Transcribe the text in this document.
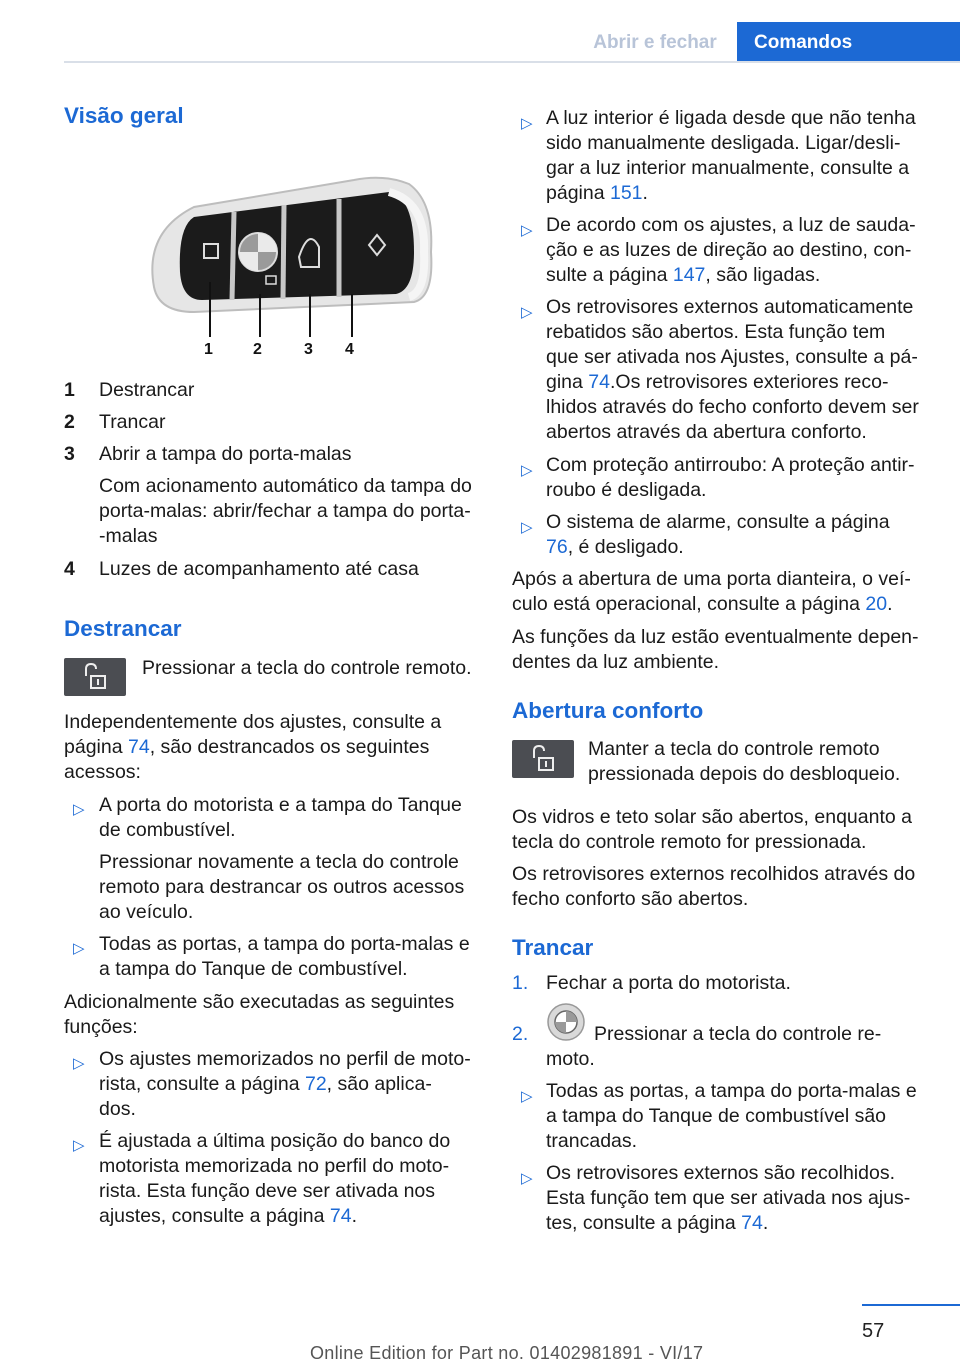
Abrir e fechar	Comandos
Visão geral
1	2	3 4
1 Destrancar
2 Trancar
3 Abrir a tampa do porta-malas
Com acionamento automático da tampa do
porta-malas: abrir/fechar a tampa do porta-
-malas
4 Luzes de acompanhamento até casa
Destrancar
Pressionar a tecla do controle remoto.
Independentemente dos ajustes, consulte a
página 74, são destrancados os seguintes
acessos:
▷ A porta do motorista e a tampa do Tanque
de combustível.
Pressionar novamente a tecla do controle
remoto para destrancar os outros acessos
ao veículo.
▷ Todas as portas, a tampa do porta-malas e
a tampa do Tanque de combustível.
Adicionalmente são executadas as seguintes
funções:
▷ Os ajustes memorizados no perfil de moto-
rista, consulte a página 72, são aplica-
dos.
▷ É ajustada a última posição do banco do
motorista memorizada no perfil do moto-
rista. Esta função deve ser ativada nos
ajustes, consulte a página 74.
▷ A luz interior é ligada desde que não tenha
sido manualmente desligada. Ligar/desli-
gar a luz interior manualmente, consulte a
página 151.
▷ De acordo com os ajustes, a luz de sauda-
ção e as luzes de direção ao destino, con-
sulte a página 147, são ligadas.
▷ Os retrovisores externos automaticamente
rebatidos são abertos. Esta função tem
que ser ativada nos Ajustes, consulte a pá-
gina 74.Os retrovisores exteriores reco-
lhidos através do fecho conforto devem ser
abertos através da abertura conforto.
▷ Com proteção antirroubo: A proteção antir-
roubo é desligada.
▷ O sistema de alarme, consulte a página
76, é desligado.
Após a abertura de uma porta dianteira, o veí-
culo está operacional, consulte a página 20.
As funções da luz estão eventualmente depen-
dentes da luz ambiente.
Abertura conforto
Manter a tecla do controle remoto
pressionada depois do desbloqueio.
Os vidros e teto solar são abertos, enquanto a
tecla do controle remoto for pressionada.
Os retrovisores externos recolhidos através do
fecho conforto são abertos.
Trancar
1. Fechar a porta do motorista.
2.	Pressionar a tecla do controle re-
moto.
▷ Todas as portas, a tampa do porta-malas e
a tampa do Tanque de combustível são
trancadas.
▷ Os retrovisores externos são recolhidos.
Esta função tem que ser ativada nos ajus-
tes, consulte a página 74.
57
Online Edition for Part no. 01402981891 - VI/17
